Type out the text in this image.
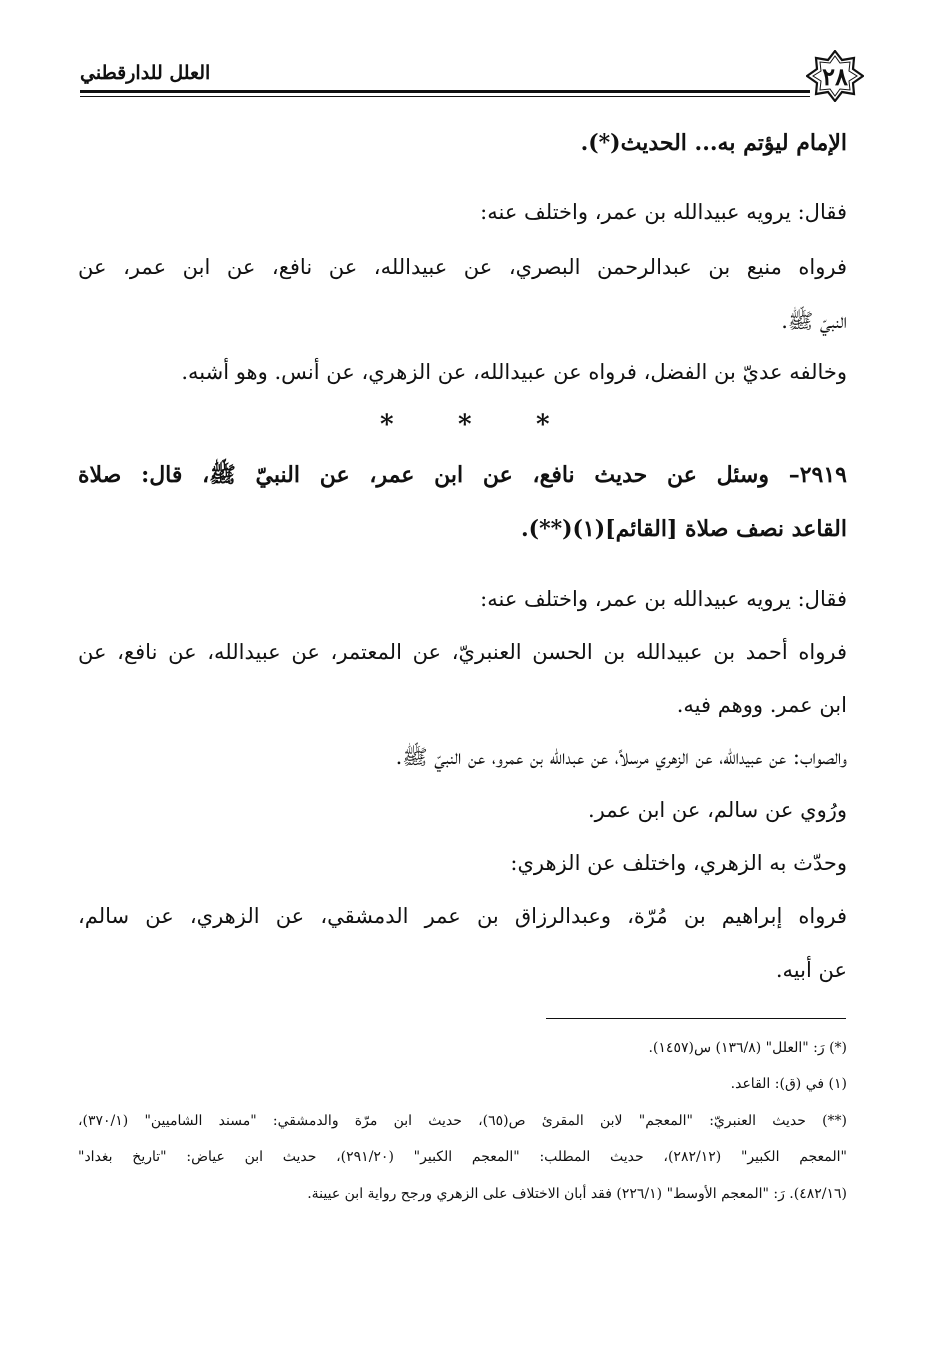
٢٨
العلل للدارقطني
الإمام ليؤتم به... الحديث(*).
فقال: يرويه عبيدالله بن عمر، واختلف عنه:
فرواه منيع بن عبدالرحمن البصري، عن عبيدالله، عن نافع، عن ابن عمر، عن
النبيّ ﷺ.
وخالفه عديّ بن الفضل، فرواه عن عبيدالله، عن الزهري، عن أنس. وهو أشبه.
* * *
٢٩١٩– وسئل عن حديث نافع، عن ابن عمر، عن النبيّ ﷺ، قال: صلاة
القاعد نصف صلاة [القائم](١)(**).
فقال: يرويه عبيدالله بن عمر، واختلف عنه:
فرواه أحمد بن عبيدالله بن الحسن العنبريّ، عن المعتمر، عن عبيدالله، عن نافع، عن
ابن عمر. ووهم فيه.
والصواب: عن عبيدالله، عن الزهري مرسلاً، عن عبدالله بن عمرو، عن النبيّ ﷺ.
ورُوي عن سالم، عن ابن عمر.
وحدّث به الزهري، واختلف عن الزهري:
فرواه إبراهيم بن مُرّة، وعبدالرزاق بن عمر الدمشقي، عن الزهري، عن سالم،
عن أبيه.
(*) رَ: "العلل" (١٣٦/٨) س(١٤٥٧).
(١) في (ق): القاعد.
(**) حديث العنبريّ: "المعجم" لابن المقرئ ص(٦٥)، حديث ابن مرّة والدمشقي: "مسند الشاميين" (٣٧٠/١)،
"المعجم الكبير" (٢٨٢/١٢)، حديث المطلب: "المعجم الكبير" (٢٩١/٢٠)، حديث ابن عياض: "تاريخ بغداد"
(٤٨٢/١٦). رَ: "المعجم الأوسط" (٢٢٦/١) فقد أبان الاختلاف على الزهري ورجح رواية ابن عيينة.
